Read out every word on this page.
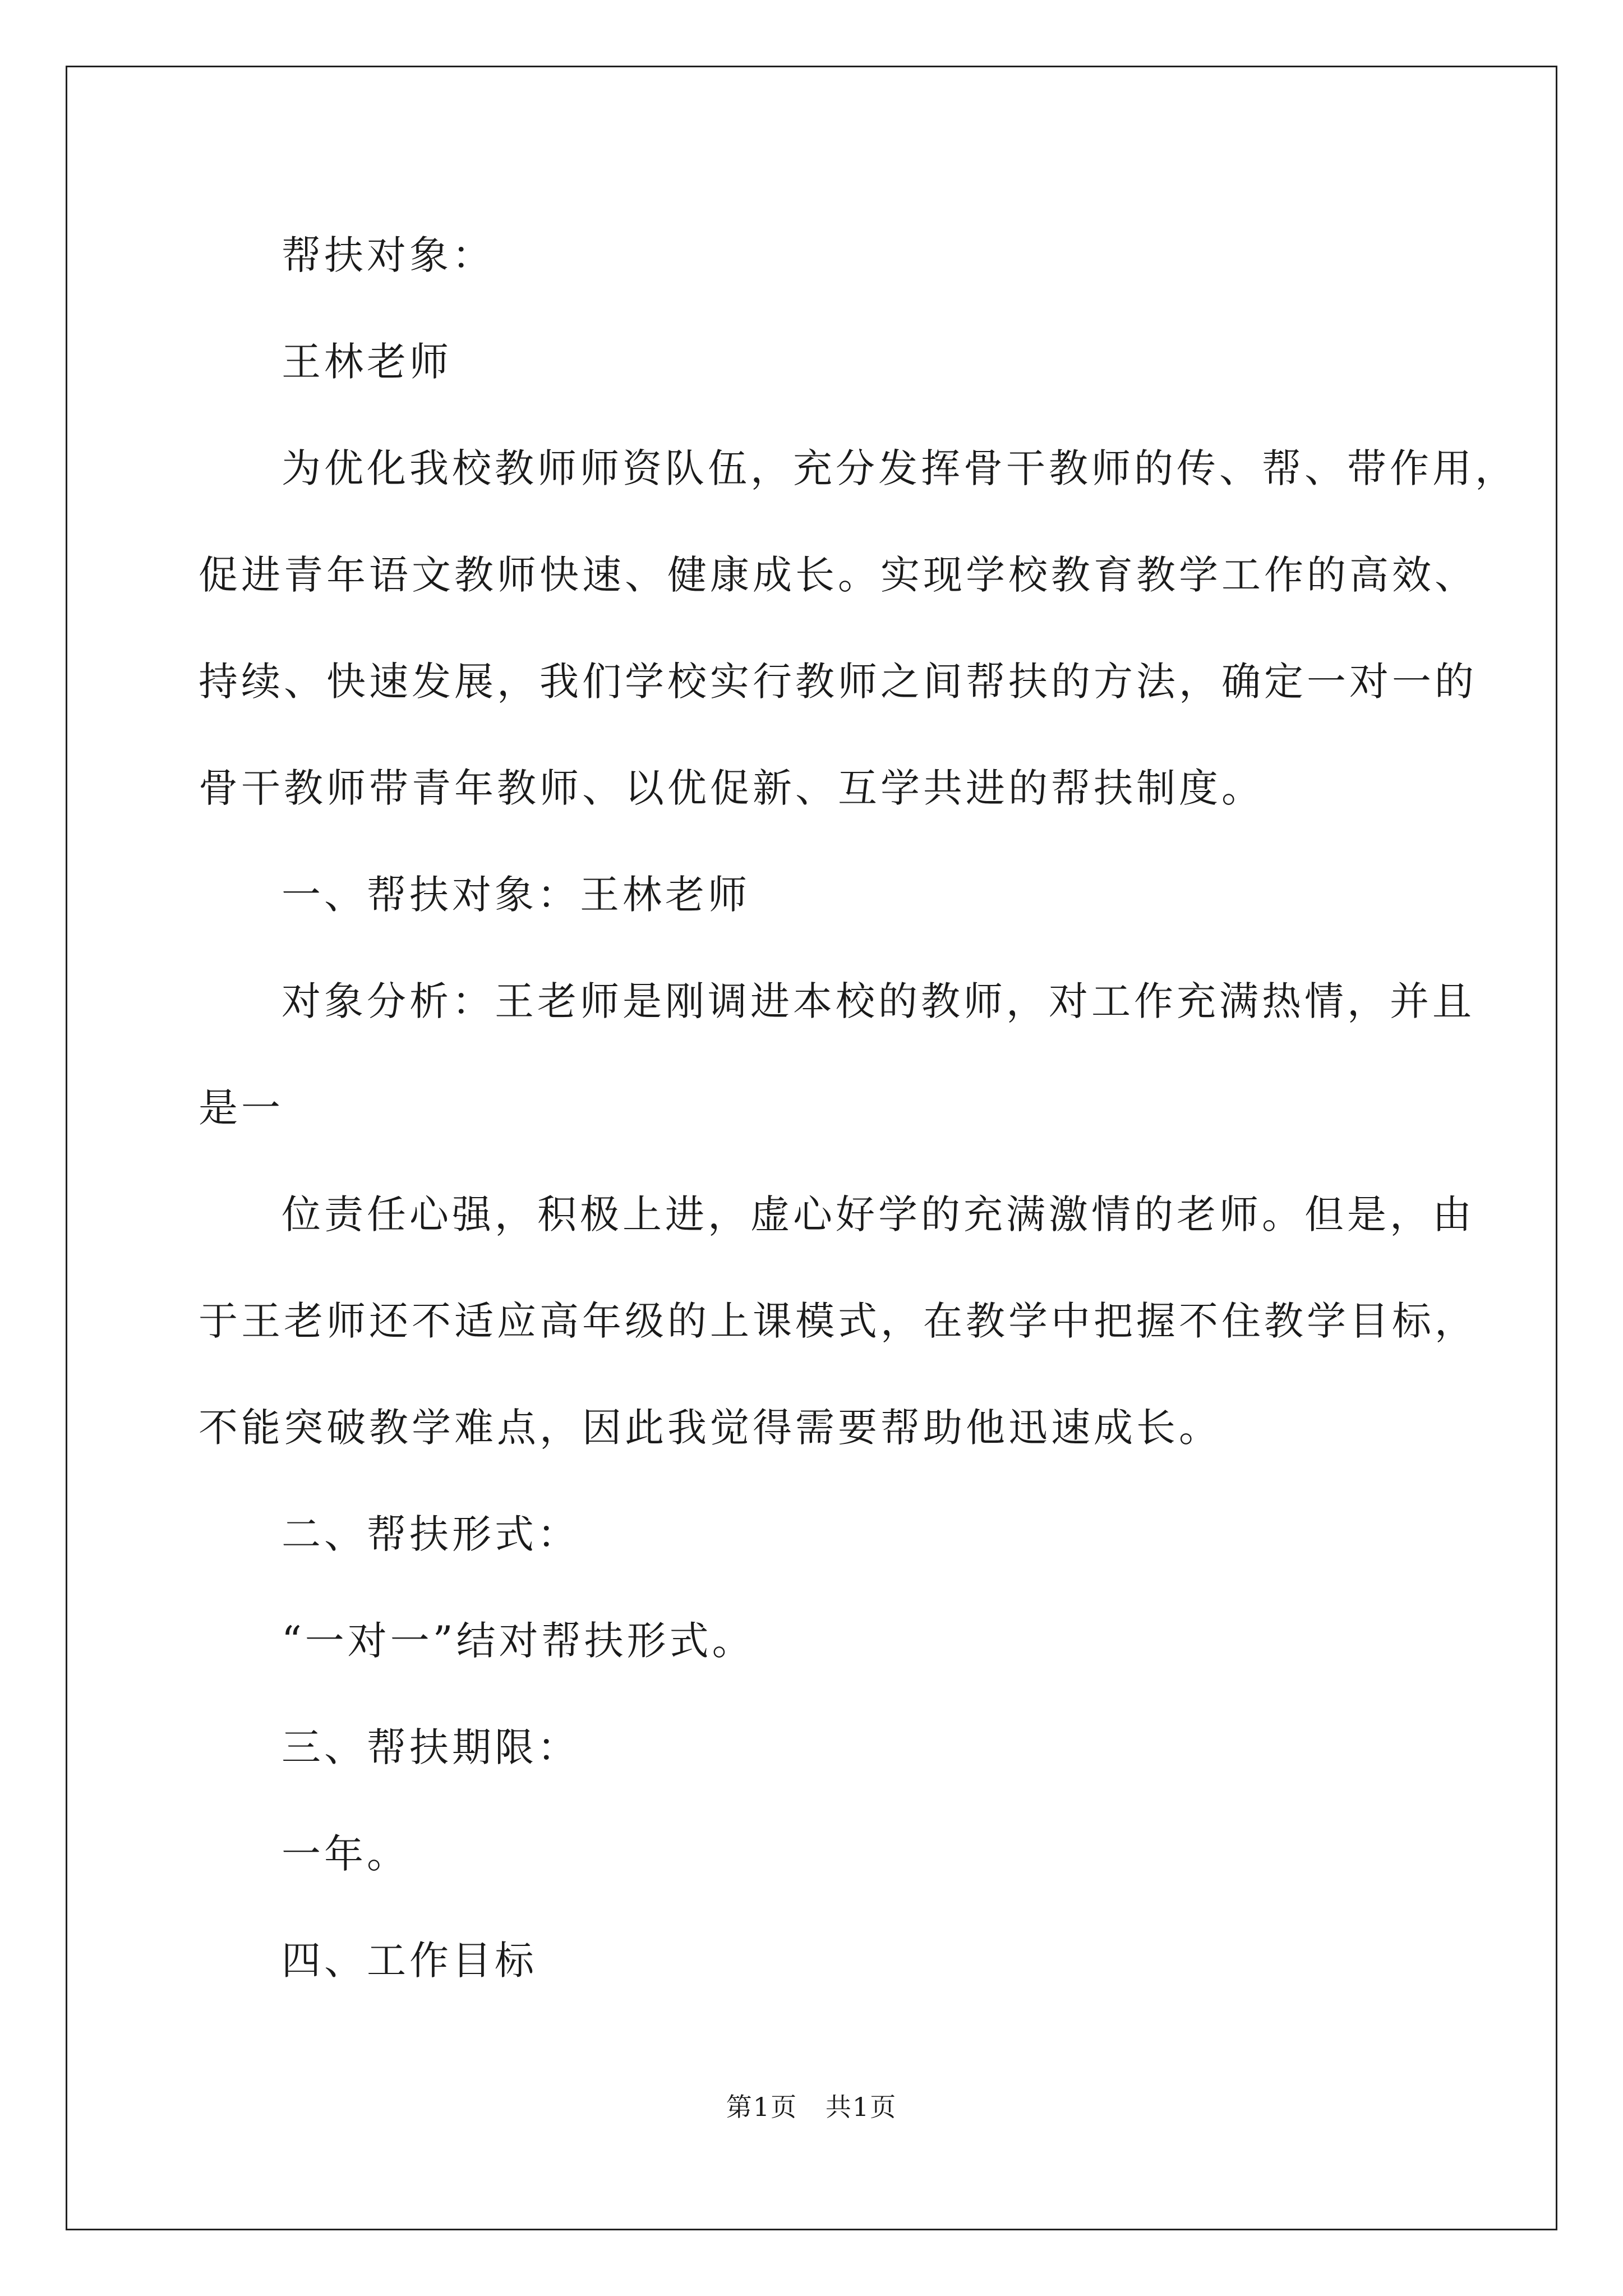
帮扶对象：

王林老师

为优化我校教师师资队伍，充分发挥骨干教师的传、帮、带作用，

促进青年语文教师快速、健康成长。实现学校教育教学工作的高效、

持续、快速发展，我们学校实行教师之间帮扶的方法，确定一对一的

骨干教师带青年教师、以优促新、互学共进的帮扶制度。

一、帮扶对象：王林老师

对象分析：王老师是刚调进本校的教师，对工作充满热情，并且

是一

位责任心强，积极上进，虚心好学的充满激情的老师。但是，由

于王老师还不适应高年级的上课模式，在教学中把握不住教学目标，

不能突破教学难点，因此我觉得需要帮助他迅速成长。

二、帮扶形式：

“一对一”结对帮扶形式。

三、帮扶期限：

一年。

四、工作目标

第1页   共1页
